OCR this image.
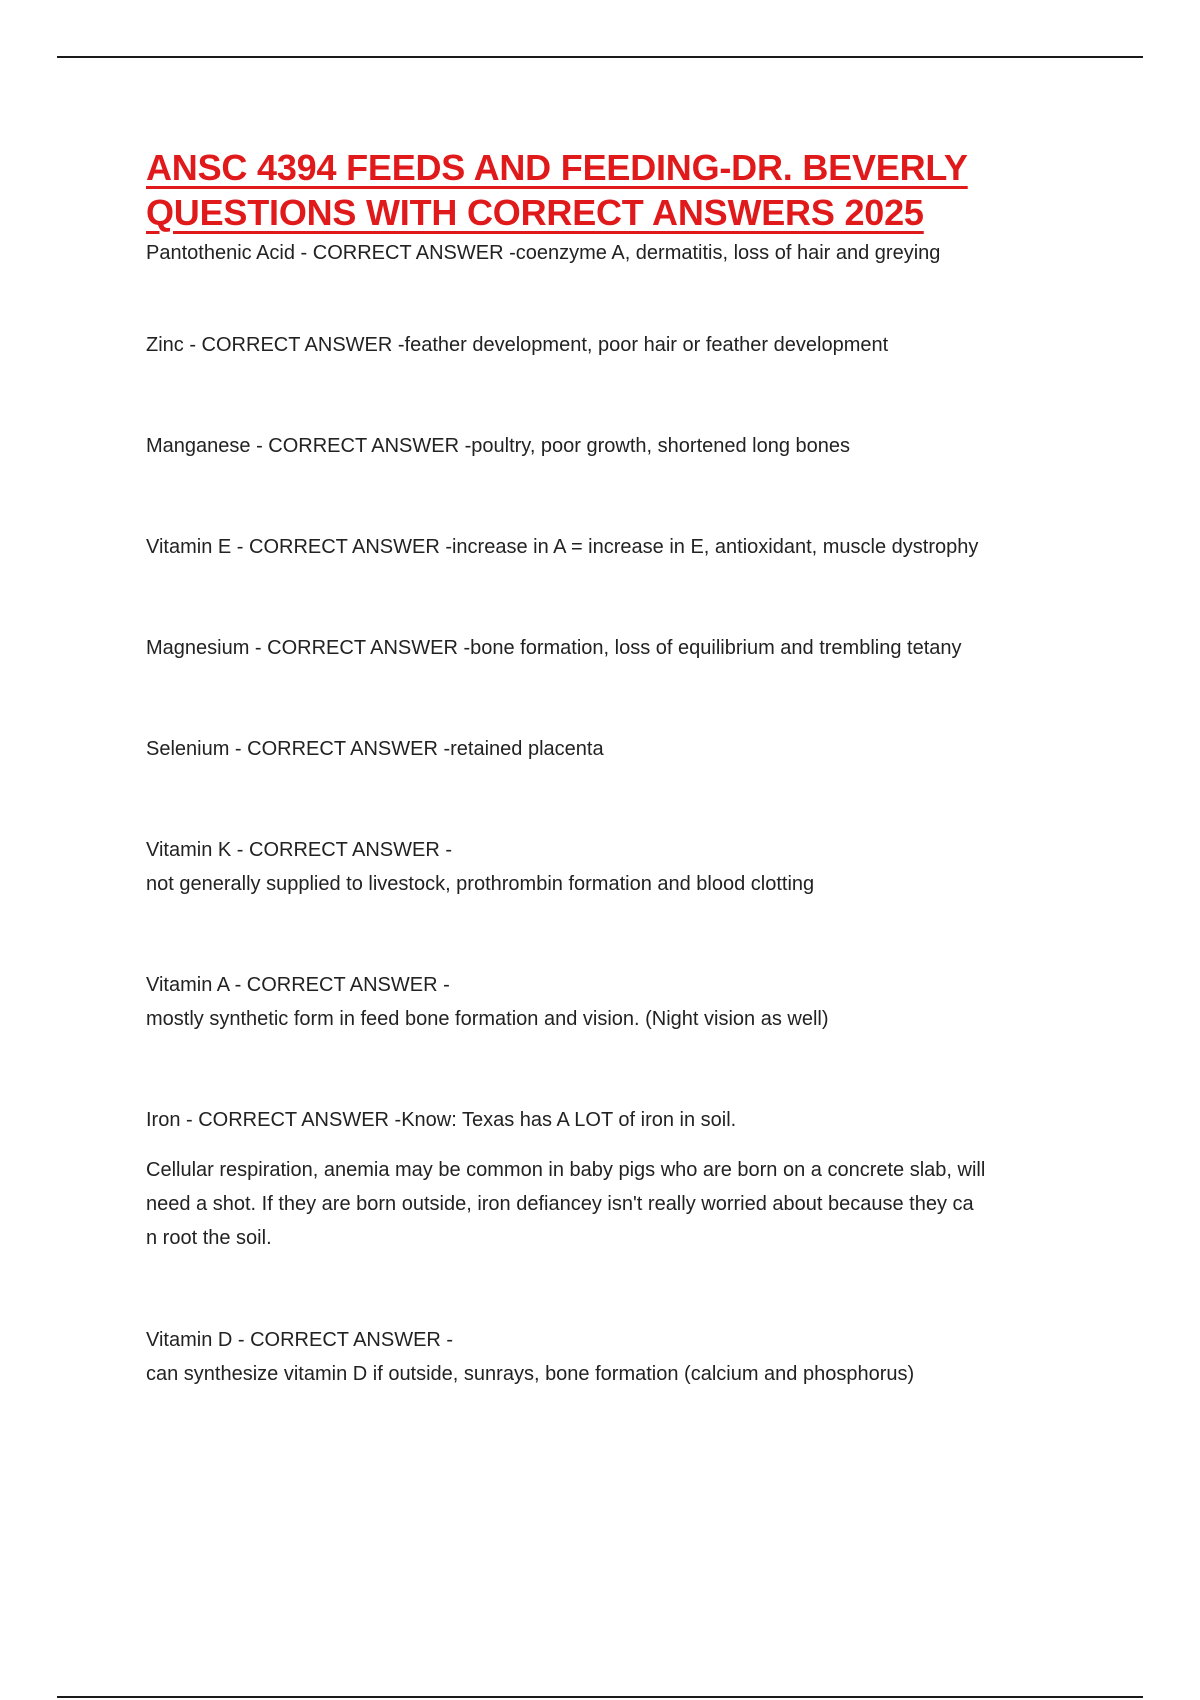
ANSC 4394 FEEDS AND FEEDING-DR. BEVERLY
QUESTIONS WITH CORRECT ANSWERS 2025
Pantothenic Acid - CORRECT ANSWER -coenzyme A, dermatitis, loss of hair and greying
Zinc - CORRECT ANSWER -feather development, poor hair or feather development
Manganese - CORRECT ANSWER -poultry, poor growth, shortened long bones
Vitamin E - CORRECT ANSWER -increase in A = increase in E, antioxidant, muscle dystrophy
Magnesium - CORRECT ANSWER -bone formation, loss of equilibrium and trembling tetany
Selenium - CORRECT ANSWER -retained placenta
Vitamin K - CORRECT ANSWER -
not generally supplied to livestock, prothrombin formation and blood clotting
Vitamin A - CORRECT ANSWER -
mostly synthetic form in feed bone formation and vision. (Night vision as well)
Iron - CORRECT ANSWER -Know: Texas has A LOT of iron in soil.
Cellular respiration, anemia may be common in baby pigs who are born on a concrete slab, will
need a shot. If they are born outside, iron defiancey isn't really worried about because they ca
n root the soil.
Vitamin D - CORRECT ANSWER -
can synthesize vitamin D if outside, sunrays, bone formation (calcium and phosphorus)
